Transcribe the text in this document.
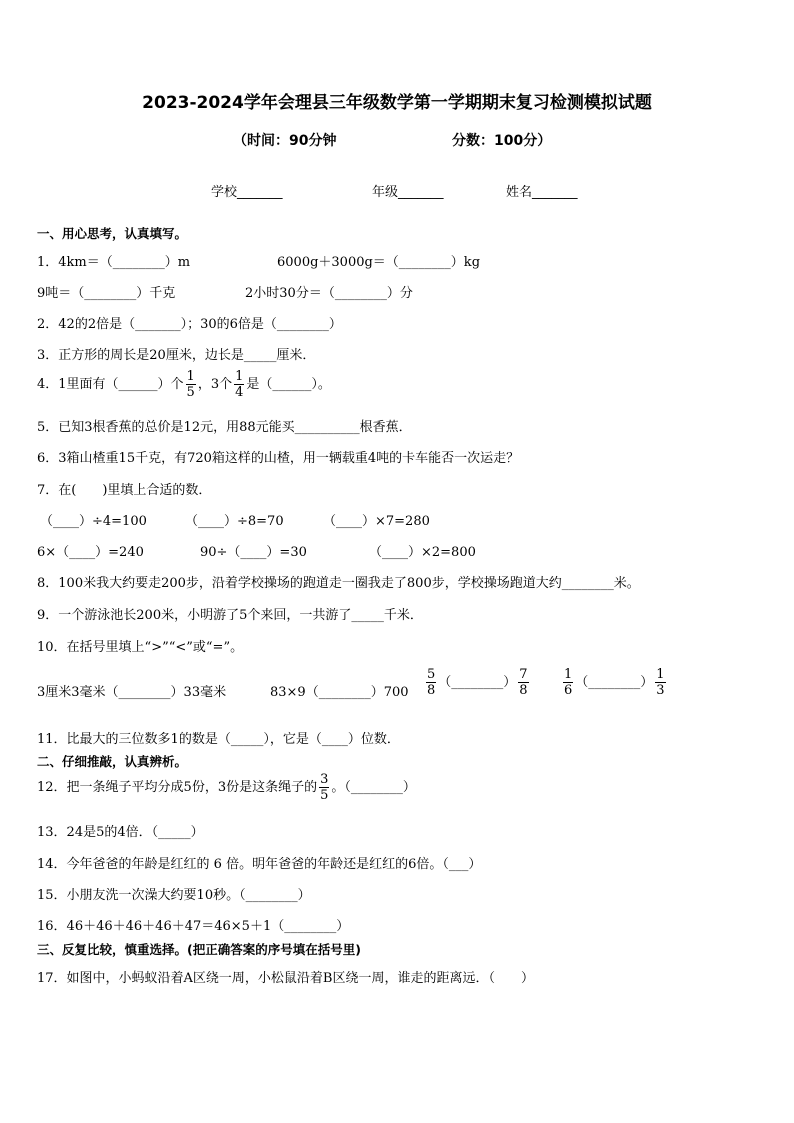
2023-2024学年会理县三年级数学第一学期期末复习检测模拟试题
（时间：90分钟	分数：100分）
学校_______	年级_______	姓名_______
一、用心思考，认真填写。
1．4km＝（________）m	6000g＋3000g＝（________）kg
9吨＝（________）千克	2小时30分＝（________）分
2．42的2倍是（_______）；30的6倍是（________）
3．正方形的周长是20厘米，边长是_____厘米．
4．1里面有（______）个 $\frac{1}{5}$ ，3个 $\frac{1}{4}$ 是（______）。
5．已知3根香蕉的总价是12元，用88元能买__________根香蕉．
6．3箱山楂重15千克，有720箱这样的山楂，用一辆载重4吨的卡车能否一次运走？
7．在(　　)里填上合适的数．
（____）÷4=100	（____）÷8=70	（____）×7=280
6×（____）=240	90÷（____）=30	（____）×2=800
8．100米我大约要走200步，沿着学校操场的跑道走一圈我走了800步，学校操场跑道大约________米。
9．一个游泳池长200米，小明游了5个来回，一共游了_____千米．
10．在括号里填上“>”“<”或“=”。
3厘米3毫米（________）33毫米	83×9（________）700 $\frac{5}{8}$ （________） $\frac{7}{8}$	$\frac{1}{6}$ （________） $\frac{1}{3}$
11．比最大的三位数多1的数是（_____），它是（____）位数．
二、仔细推敲，认真辨析。
12．把一条绳子平均分成5份，3份是这条绳子的 $\frac{3}{5}$ 。（________）
13．24是5的4倍．（_____）
14．今年爸爸的年龄是红红的 6 倍。明年爸爸的年龄还是红红的6倍。（___）
15．小朋友洗一次澡大约要10秒。（________）
16．46＋46＋46＋46＋47＝46×5＋1（________）
三、反复比较，慎重选择。(把正确答案的序号填在括号里)
17．如图中，小蚂蚁沿着A区绕一周，小松鼠沿着B区绕一周，谁走的距离远．（　　）
